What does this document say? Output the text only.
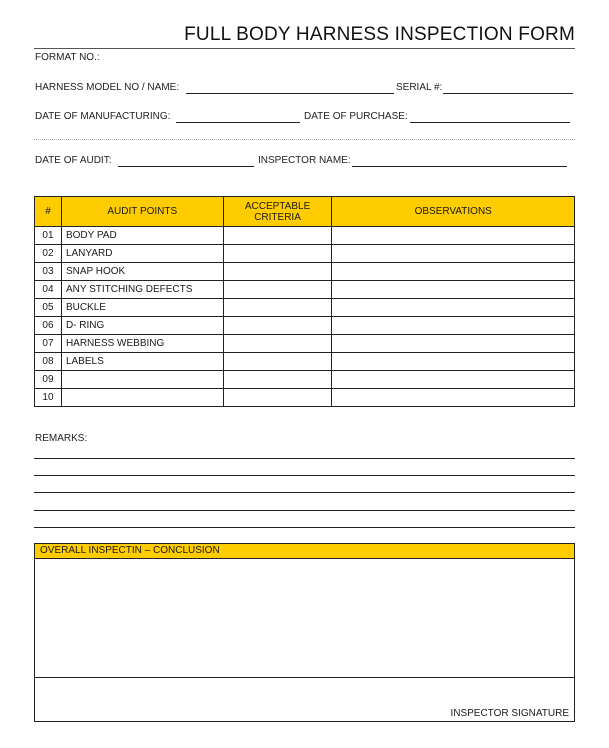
FULL BODY HARNESS INSPECTION FORM
FORMAT NO.:
HARNESS MODEL NO / NAME:	SERIAL #:
DATE OF MANUFACTURING:	DATE OF PURCHASE:
DATE OF AUDIT:	INSPECTOR NAME:
#	AUDIT POINTS	ACCEPTABLE CRITERIA	OBSERVATIONS
01	BODY PAD		
02	LANYARD		
03	SNAP HOOK		
04	ANY STITCHING DEFECTS		
05	BUCKLE		
06	D- RING		
07	HARNESS WEBBING		
08	LABELS		
09			
10			
REMARKS:
OVERALL INSPECTIN – CONCLUSION
INSPECTOR SIGNATURE
